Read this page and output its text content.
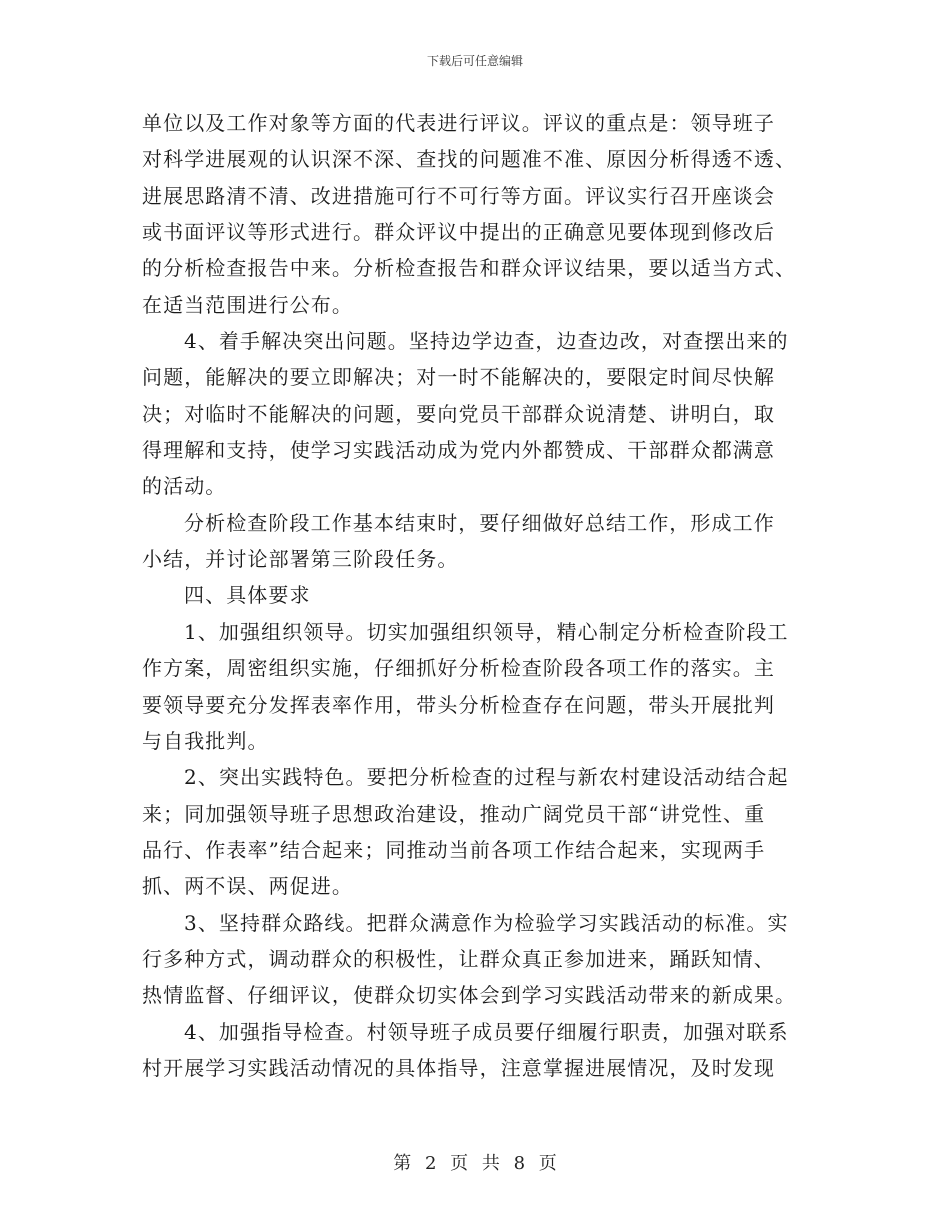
下载后可任意编辑
单位以及工作对象等方面的代表进行评议。评议的重点是：领导班子
对科学进展观的认识深不深、查找的问题准不准、原因分析得透不透、
进展思路清不清、改进措施可行不可行等方面。评议实行召开座谈会
或书面评议等形式进行。群众评议中提出的正确意见要体现到修改后
的分析检查报告中来。分析检查报告和群众评议结果，要以适当方式、
在适当范围进行公布。
4、着手解决突出问题。坚持边学边查，边查边改，对查摆出来的
问题，能解决的要立即解决；对一时不能解决的，要限定时间尽快解
决；对临时不能解决的问题，要向党员干部群众说清楚、讲明白，取
得理解和支持，使学习实践活动成为党内外都赞成、干部群众都满意
的活动。
分析检查阶段工作基本结束时，要仔细做好总结工作，形成工作
小结，并讨论部署第三阶段任务。
四、具体要求
1、加强组织领导。切实加强组织领导，精心制定分析检查阶段工
作方案，周密组织实施，仔细抓好分析检查阶段各项工作的落实。主
要领导要充分发挥表率作用，带头分析检查存在问题，带头开展批判
与自我批判。
2、突出实践特色。要把分析检查的过程与新农村建设活动结合起
来；同加强领导班子思想政治建设，推动广阔党员干部“讲党性、重
品行、作表率”结合起来；同推动当前各项工作结合起来，实现两手
抓、两不误、两促进。
3、坚持群众路线。把群众满意作为检验学习实践活动的标准。实
行多种方式，调动群众的积极性，让群众真正参加进来，踊跃知情、
热情监督、仔细评议，使群众切实体会到学习实践活动带来的新成果。
4、加强指导检查。村领导班子成员要仔细履行职责，加强对联系
村开展学习实践活动情况的具体指导，注意掌握进展情况，及时发现
第 2 页 共 8 页
